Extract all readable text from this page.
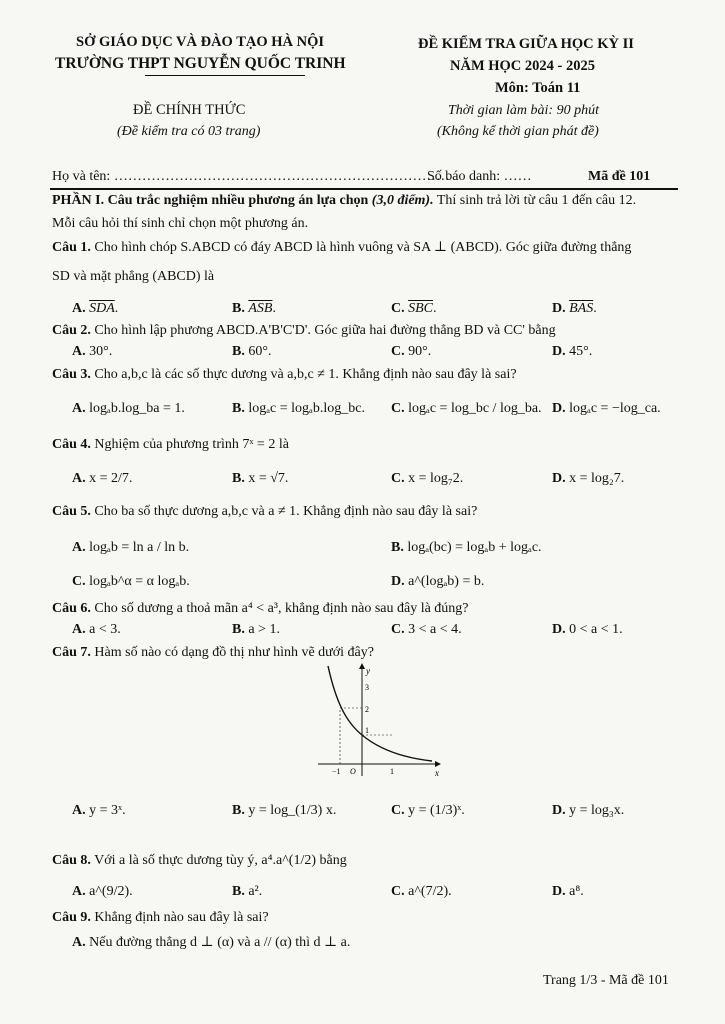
SỞ GIÁO DỤC VÀ ĐÀO TẠO HÀ NỘI
TRƯỜNG THPT NGUYỄN QUỐC TRINH
ĐỀ KIỂM TRA GIỮA HỌC KỲ II
NĂM HỌC 2024 - 2025
Môn: Toán 11
ĐỀ CHÍNH THỨC
(Đề kiểm tra có 03 trang)
Thời gian làm bài: 90 phút
(Không kể thời gian phát đề)
Họ và tên: ………………………………………………………………
Số báo danh: ……	Mã đề 101
PHẦN I. Câu trắc nghiệm nhiều phương án lựa chọn (3,0 điểm). Thí sinh trả lời từ câu 1 đến câu 12.
Mỗi câu hỏi thí sinh chỉ chọn một phương án.
Câu 1. Cho hình chóp S.ABCD có đáy ABCD là hình vuông và SA ⊥ (ABCD). Góc giữa đường thẳng
SD và mặt phẳng (ABCD) là
A. $\overline{SDA}$.	B. $\overline{ASB}$.	C. $\overline{SBC}$.	D. $\overline{BAS}$.
Câu 2. Cho hình lập phương ABCD.A'B'C'D'. Góc giữa hai đường thẳng BD và CC' bằng
A. 30°.	B. 60°.	C. 90°.	D. 45°.
Câu 3. Cho a,b,c là các số thực dương và a,b,c ≠ 1. Khẳng định nào sau đây là sai?
A. logₐb.log_ba = 1.	B. logₐc = logₐb.log_bc. C. logₐc = log_bc / log_ba. D. logₐc = −log_ca.
Câu 4. Nghiệm của phương trình 7ˣ = 2 là
A. x = 2/7.	B. x = √7.	C. x = log₇2.	D. x = log₂7.
Câu 5. Cho ba số thực dương a,b,c và a ≠ 1. Khẳng định nào sau đây là sai?
A. logₐb = ln a / ln b.	B. logₐ(bc) = logₐb + logₐc.
C. logₐb^α = α logₐb.	D. a^(logₐb) = b.
Câu 6. Cho số dương a thoả mãn a⁴ < a³, khẳng định nào sau đây là đúng?
A. a < 3.	B. a > 1.	C. 3 < a < 4.	D. 0 < a < 1.
Câu 7. Hàm số nào có dạng đồ thị như hình vẽ dưới đây?
y
x
3
2
1
−1 O	1
A. y = 3ˣ.	B. y = log_(1/3) x.	C. y = (1/3)ˣ.	D. y = log₃x.
Câu 8. Với a là số thực dương tùy ý, a⁴.a^(1/2) bằng
A. a^(9/2).	B. a².	C. a^(7/2).	D. a⁸.
Câu 9. Khẳng định nào sau đây là sai?
A. Nếu đường thẳng d ⊥ (α) và a // (α) thì d ⊥ a.
Trang 1/3 - Mã đề 101
